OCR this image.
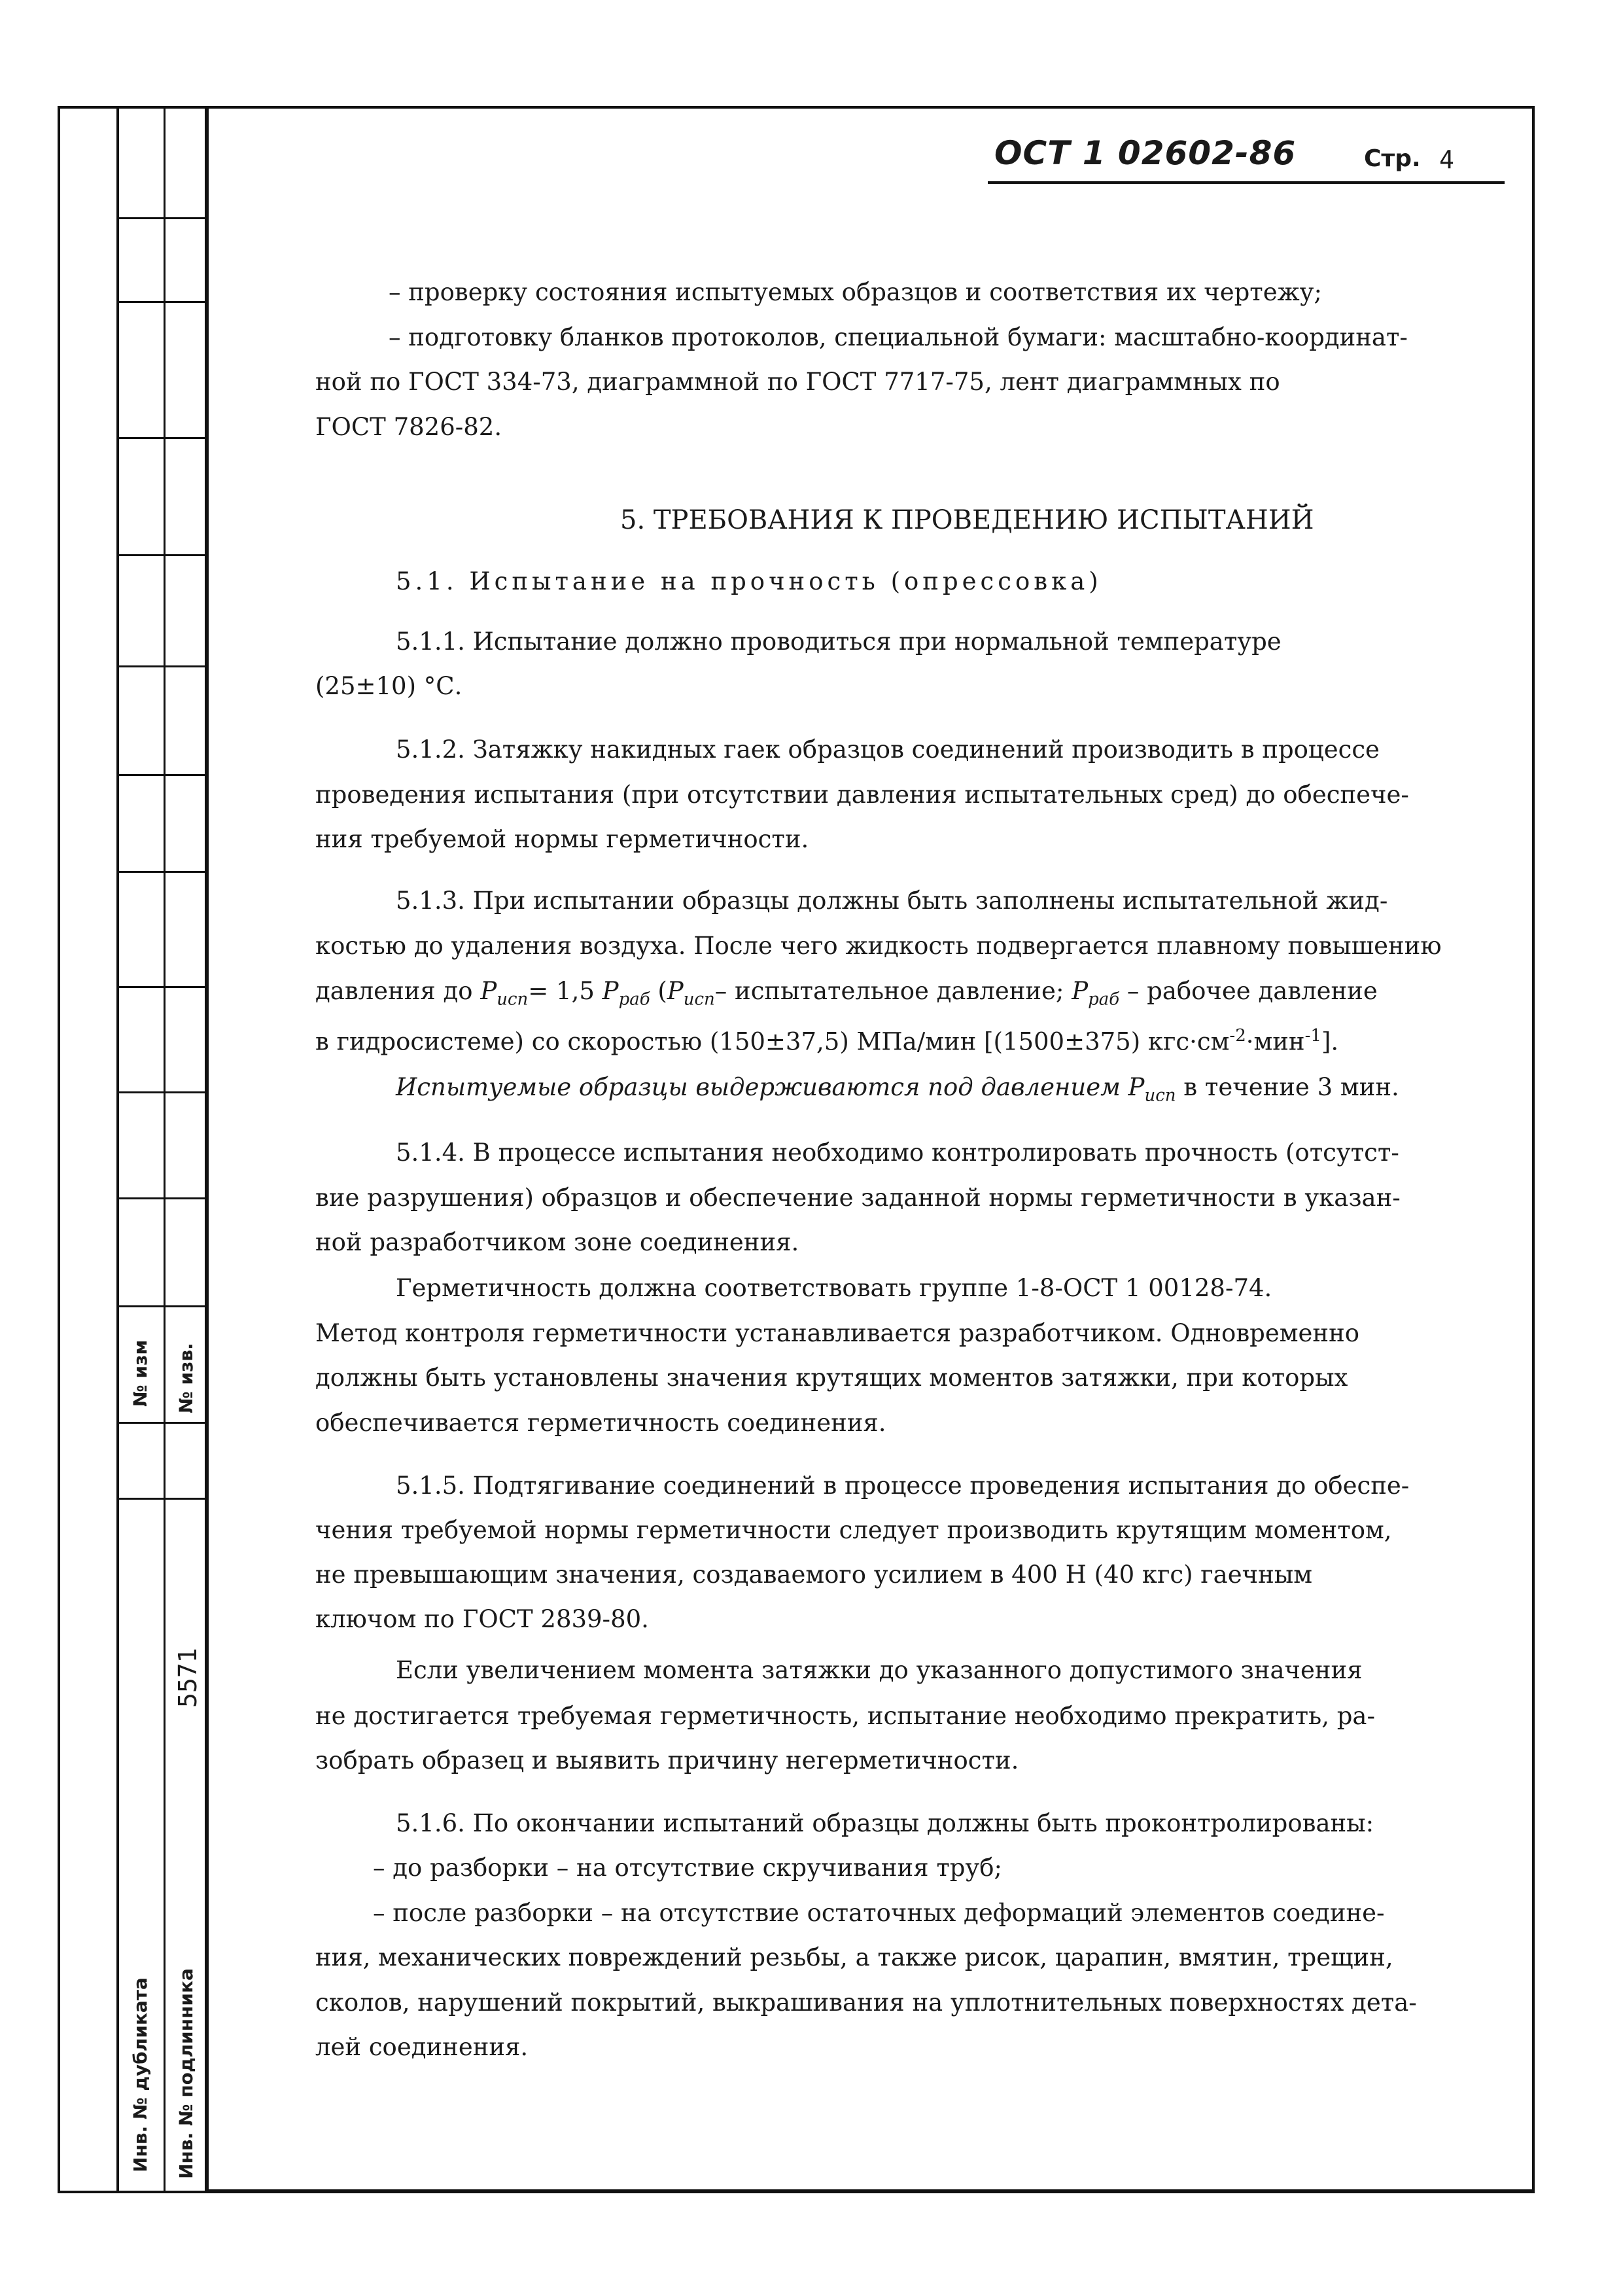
№ изм № изв.
5571
Инв. № дубликата Инв. № подлинника
ОСТ 1 02602-86	Стр. 4
– проверку состояния испытуемых образцов и соответствия их чертежу;
– подготовку бланков протоколов, специальной бумаги: масштабно-координат-
ной по ГОСТ 334-73, диаграммной по ГОСТ 7717-75, лент диаграммных по
ГОСТ 7826-82.
5. ТРЕБОВАНИЯ К ПРОВЕДЕНИЮ ИСПЫТАНИЙ
5.1. Испытание на прочность (опрессовка)
5.1.1. Испытание должно проводиться при нормальной температуре
(25±10) °С.
5.1.2. Затяжку накидных гаек образцов соединений производить в процессе
проведения испытания (при отсутствии давления испытательных сред) до обеспече-
ния требуемой нормы герметичности.
5.1.3. При испытании образцы должны быть заполнены испытательной жид-
костью до удаления воздуха. После чего жидкость подвергается плавному повышению
давления до $P_{исп}= 1,5$ $P_{раб}$ ($P_{исп}-$ испытательное давление; $P_{раб}$ – рабочее давление
в гидросистеме) со скоростью (150±37,5) МПа/мин [(1500±375) $кгс\cdot см^{-2}\cdot мин^{-1}$].
Испытуемые образцы выдерживаются под давлением $P_{исп}$ в течение 3 мин.
5.1.4. В процессе испытания необходимо контролировать прочность (отсутст-
вие разрушения) образцов и обеспечение заданной нормы герметичности в указан-
ной разработчиком зоне соединения.
Герметичность должна соответствовать группе 1-8-ОСТ 1 00128-74.
Метод контроля герметичности устанавливается разработчиком. Одновременно
должны быть установлены значения крутящих моментов затяжки, при которых
обеспечивается герметичность соединения.
5.1.5. Подтягивание соединений в процессе проведения испытания до обеспе-
чения требуемой нормы герметичности следует производить крутящим моментом,
не превышающим значения, создаваемого усилием в 400 Н (40 кгс) гаечным
ключом по ГОСТ 2839-80.
Если увеличением момента затяжки до указанного допустимого значения
не достигается требуемая герметичность, испытание необходимо прекратить, ра-
зобрать образец и выявить причину негерметичности.
5.1.6. По окончании испытаний образцы должны быть проконтролированы:
– до разборки – на отсутствие скручивания труб;
– после разборки – на отсутствие остаточных деформаций элементов соедине-
ния, механических повреждений резьбы, а также рисок, царапин, вмятин, трещин,
сколов, нарушений покрытий, выкрашивания на уплотнительных поверхностях дета-
лей соединения.
